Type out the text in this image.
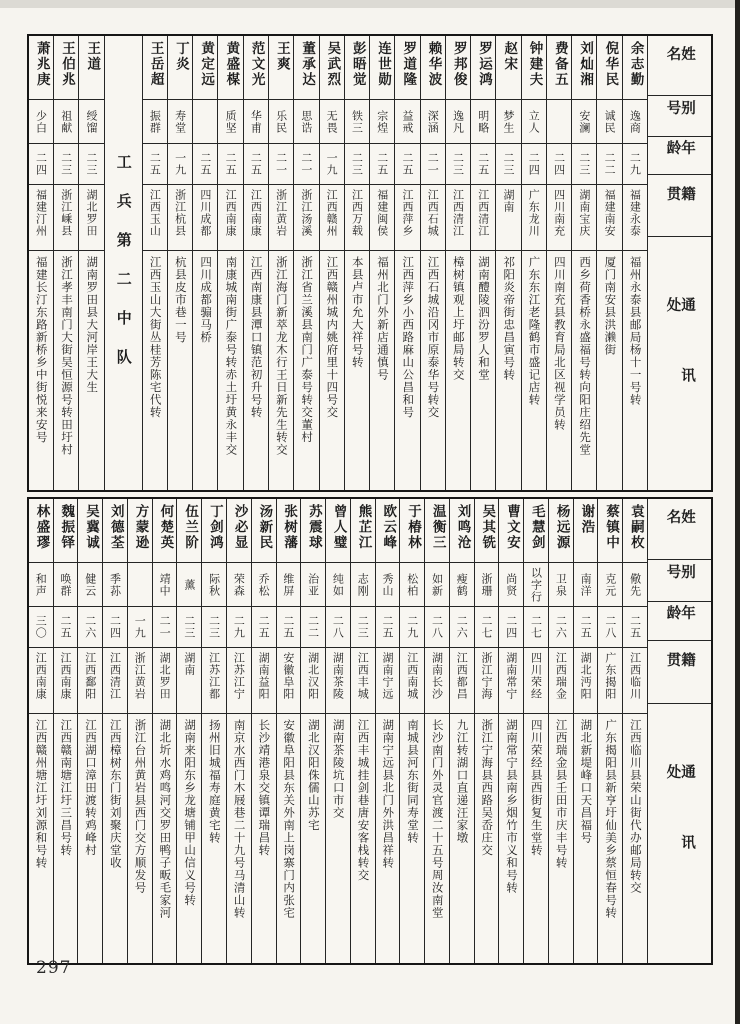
姓名
别号
年龄
籍贯
通讯处
余志勤
逸商
二九
福建永泰
福州永泰县邮局杨十一号转
倪华民
诚民
二二
福建南安
厦门南安县洪濑街
刘灿湘
安澜
二三
湖南宝庆
西乡荷香桥永盛福号转向阳庄绍先堂
费备五
二四
四川南充
四川南充县教育局北区视学员转
钟建夫
立人
二四
广东龙川
广东东江老隆鹤市盛记店转
赵宋
梦生
二三
湖南
祁阳炎帝街忠昌寅号转
罗运鸿
明略
二五
江西清江
湖南醴陵泗汾罗人和堂
罗邦俊
逸凡
二三
江西清江
樟树镇观上圩邮局转交
赖华波
深涵
二一
江西石城
江西石城沿冈市原泰华号转交
罗道隆
益戒
二五
江西萍乡
江西萍乡小西路麻山公昌和号
连世勋
宗煌
二五
福建闽侯
福州北门外新店通慎号
彭晤觉
铁三
二三
江西万载
本县卢市允大祥号转
吴武烈
无畏
一九
江西赣州
江西赣州城内姚府里十四号交
董承达
思诰
二一
浙江汤溪
浙江省兰溪县南门广泰号转交董村
王爽
乐民
二一
浙江黄岩
浙江海门新萃龙木行王日新先生转交
范文光
华甫
二五
江西南康
江西南康县潭口镇范初升号转
黄盛楳
质坚
二五
江西南康
南康城南街广泰号转赤土圩黄永丰交
黄定远
二五
四川成都
四川成都骟马桥
丁炎
寿堂
一九
浙江杭县
杭县皮市巷一号
王岳超
振群
二五
江西玉山
江西玉山大街丛桂芳陈宅代转
工兵第二中队
王道
绶馏
二三
湖北罗田
湖南罗田县大河岸王大生
王伯兆
祖献
二三
浙江嵊县
浙江孝丰南门大街吴恒源号转田圩村
萧兆庚
少白
二四
福建汀州
福建长汀东路新桥乡中街悦来安号
姓名
别号
年龄
籍贯
通讯处
袁嗣枚
儆先
二五
江西临川
江西临川县荣山街代办邮局转交
蔡镇中
克元
二八
广东揭阳
广东揭阳县新亨圩仙美乡蔡恒春号转
谢浩
南洋
二五
湖北沔阳
湖北新堤峰口天昌福号
杨远源
卫泉
二六
江西瑞金
江西瑞金县壬田市庆丰号转
毛慧剑
以字行
二七
四川荣经
四川荣经县西街复生堂转
曹文安
尚贤
二四
湖南常宁
湖南常宁县南乡烟竹市义和号转
吴其铣
浙珊
二七
浙江宁海
浙江宁海县西路吴岙庄交
刘鸣沧
瘦鹤
二六
江西都昌
九江转湖口直递汪家墩
温衡三
如新
二八
湖南长沙
长沙南门外灵官渡二十五号周汝南堂
于椿林
松柏
二九
江西南城
南城县河东街同寿堂转
欧云峰
秀山
二五
湖南宁远
湖南宁远县北门外洪昌祥转
熊芷江
志刚
二三
江西丰城
江西丰城挂剑巷唐安客栈转交
曾人璧
纯如
二八
湖南茶陵
湖南茶陵坑口市交
苏震球
治亚
二二
湖北汉阳
湖北汉阳侏儒山苏宅
张树藩
维屏
二五
安徽阜阳
安徽阜阳县东关外南上岗寨门内张宅
汤新民
乔松
二五
湖南益阳
长沙靖港泉交镇谭瑞昌转
沙必显
荣森
二九
江苏江宁
南京水西门木屐巷二十九号马清山转
丁剑鸿
际秋
二三
江苏江都
扬州旧城福寿庭黄宅转
伍兰阶
薰
二三
湖南
湖南来阳东乡龙塘铺甲山信义号转
何楚英
靖中
二一
湖北罗田
湖北圻水鸡鸣河交罗田鸭子畈毛家河
方蒙逊
一九
浙江黄岩
浙江台州黄岩县西门交方顺发号
刘德荃
季荪
二四
江西清江
江西樟树东门街刘聚庆堂收
吴冀诚
健云
二六
江西鄱阳
江西湖口漳田渡转鸡峰村
魏振铎
唤群
二五
江西南康
江西赣南塘江圩三昌号转
林盛璆
和声
三〇
江西南康
江西赣州塘江圩刘源和号转
297
